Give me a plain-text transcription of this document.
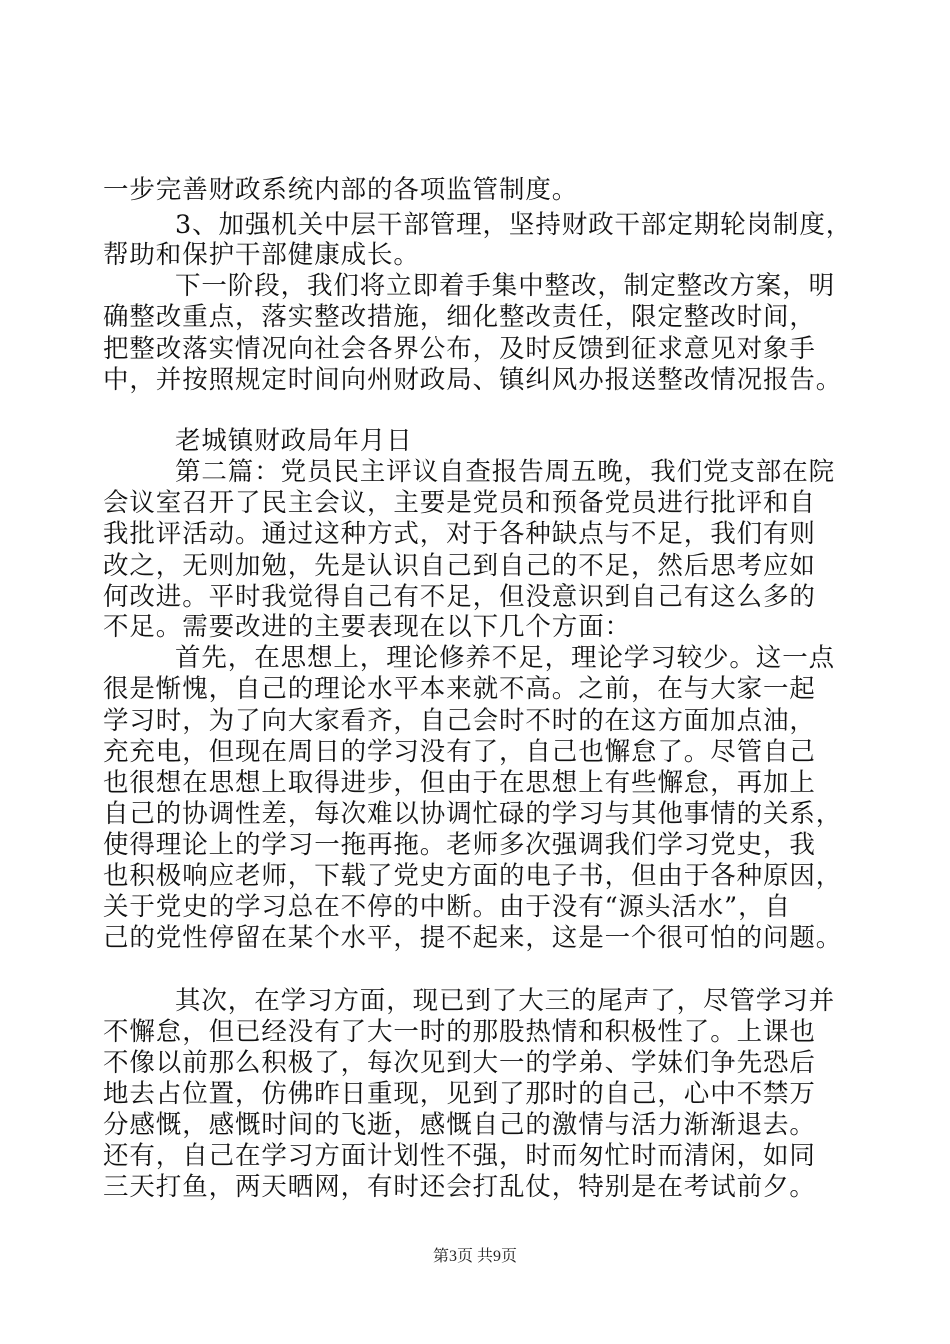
一步完善财政系统内部的各项监管制度。
3、加强机关中层干部管理，坚持财政干部定期轮岗制度，
帮助和保护干部健康成长。
下一阶段，我们将立即着手集中整改，制定整改方案，明
确整改重点，落实整改措施，细化整改责任，限定整改时间，
把整改落实情况向社会各界公布，及时反馈到征求意见对象手
中，并按照规定时间向州财政局、镇纠风办报送整改情况报告。
老城镇财政局年月日
第二篇：党员民主评议自查报告周五晚，我们党支部在院
会议室召开了民主会议，主要是党员和预备党员进行批评和自
我批评活动。通过这种方式，对于各种缺点与不足，我们有则
改之，无则加勉，先是认识自己到自己的不足，然后思考应如
何改进。平时我觉得自己有不足，但没意识到自己有这么多的
不足。需要改进的主要表现在以下几个方面：
首先，在思想上，理论修养不足，理论学习较少。这一点
很是惭愧，自己的理论水平本来就不高。之前，在与大家一起
学习时，为了向大家看齐，自己会时不时的在这方面加点油，
充充电，但现在周日的学习没有了，自己也懈怠了。尽管自己
也很想在思想上取得进步，但由于在思想上有些懈怠，再加上
自己的协调性差，每次难以协调忙碌的学习与其他事情的关系，
使得理论上的学习一拖再拖。老师多次强调我们学习党史，我
也积极响应老师，下载了党史方面的电子书，但由于各种原因，
关于党史的学习总在不停的中断。由于没有“源头活水”，自
己的党性停留在某个水平，提不起来，这是一个很可怕的问题。
其次，在学习方面，现已到了大三的尾声了，尽管学习并
不懈怠，但已经没有了大一时的那股热情和积极性了。上课也
不像以前那么积极了，每次见到大一的学弟、学妹们争先恐后
地去占位置，仿佛昨日重现，见到了那时的自己，心中不禁万
分感慨，感慨时间的飞逝，感慨自己的激情与活力渐渐退去。
还有，自己在学习方面计划性不强，时而匆忙时而清闲，如同
三天打鱼，两天晒网，有时还会打乱仗，特别是在考试前夕。
第3页 共9页
